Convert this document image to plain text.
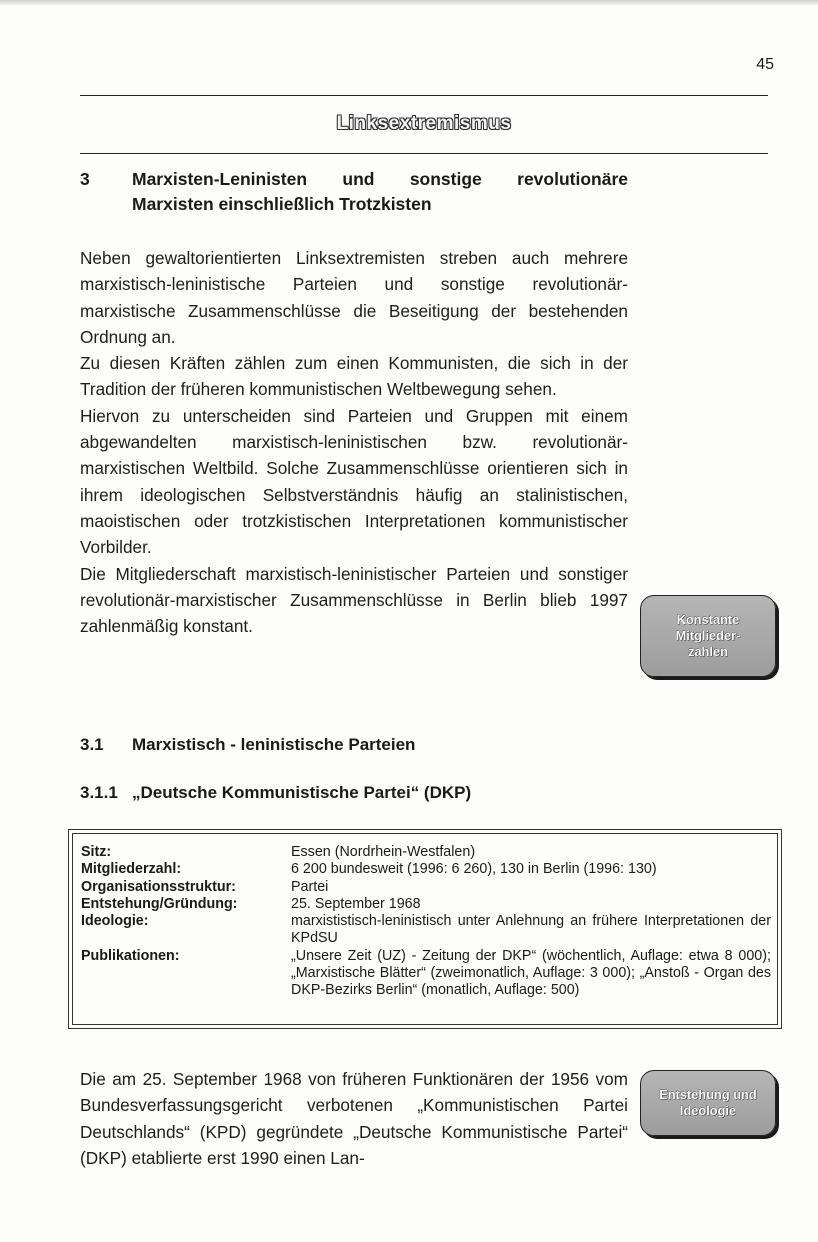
45
Linksextremismus
3 Marxisten-Leninisten und sonstige revolutionäre
Marxisten einschließlich Trotzkisten

Neben gewaltorientierten Linksextremisten streben auch mehrere marxistisch-leninistische Parteien und sonstige revolutionär-marxistische Zusammenschlüsse die Beseitigung der bestehenden Ordnung an.

Zu diesen Kräften zählen zum einen Kommunisten, die sich in der Tradition der früheren kommunistischen Weltbewegung sehen.

Hiervon zu unterscheiden sind Parteien und Gruppen mit einem abgewandelten marxistisch-leninistischen bzw. revolutionär-marxistischen Weltbild. Solche Zusammenschlüsse orientieren sich in ihrem ideologischen Selbstverständnis häufig an stalinistischen, maoistischen oder trotzkistischen Interpretationen kommunistischer Vorbilder.

Die Mitgliederschaft marxistisch-leninistischer Parteien und sonstiger revolutionär-marxistischer Zusammenschlüsse in Berlin blieb 1997 zahlenmäßig konstant.	Konstante
Mitglieder-
zahlen
3.1 Marxistisch - leninistische Parteien
3.1.1 „Deutsche Kommunistische Partei“ (DKP)
Sitz:	Essen (Nordrhein-Westfalen)
Mitgliederzahl:	6 200 bundesweit (1996: 6 260), 130 in Berlin (1996: 130)
Organisationsstruktur:	Partei
Entstehung/Gründung:	25. September 1968
Ideologie:	marxististisch-leninistisch unter Anlehnung an frühere Interpretationen der KPdSU
Publikationen:	„Unsere Zeit (UZ) - Zeitung der DKP“ (wöchentlich, Auflage: etwa 8 000); „Marxistische Blätter“ (zweimonatlich, Auflage: 3 000); „Anstoß - Organ des DKP-Bezirks Berlin“ (monatlich, Auflage: 500)

Die am 25. September 1968 von früheren Funktionären der 1956 vom Bundesverfassungsgericht verbotenen „Kommunistischen Partei Deutschlands“ (KPD) gegründete „Deutsche Kommunistische Partei“ (DKP) etablierte erst 1990 einen Lan-

Entstehung und
Ideologie
